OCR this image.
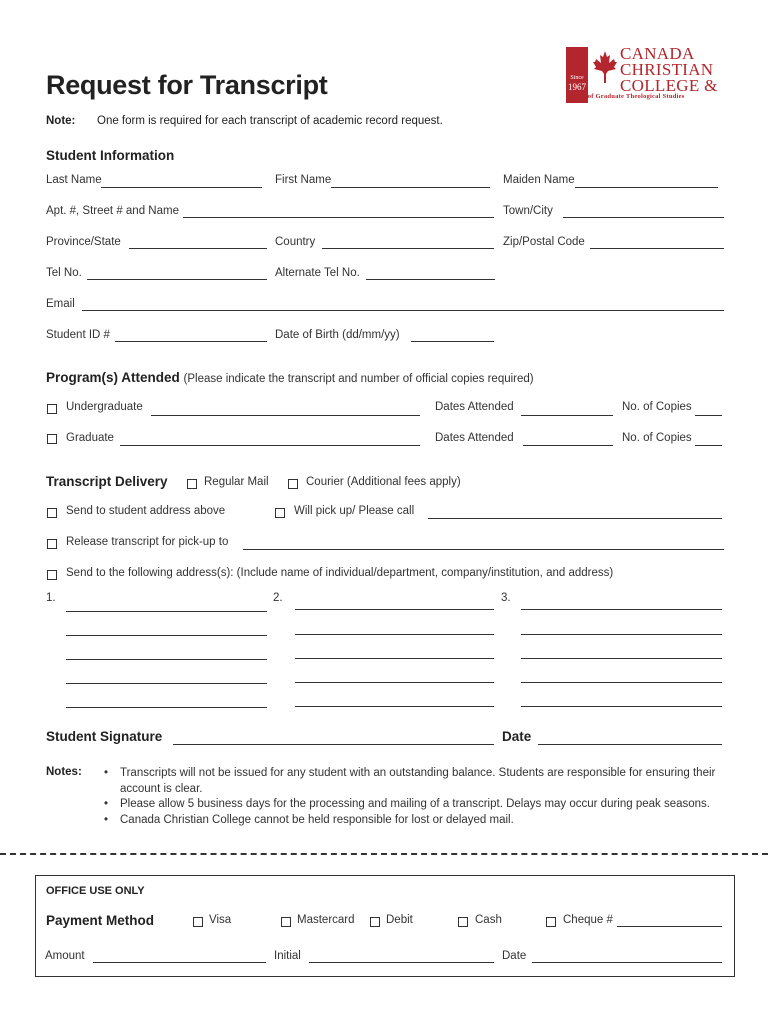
Since
1967
CANADA
CHRISTIAN
COLLEGE &
School of Graduate Theological Studies
Request for Transcript
Note: One form is required for each transcript of academic record request.
Student Information
Last Name	First Name	Maiden Name
Apt. #, Street # and Name	Town/City
Province/State	Country	Zip/Postal Code
Tel No.	Alternate Tel No.
Email
Student ID #	Date of Birth (dd/mm/yy)
Program(s) Attended (Please indicate the transcript and number of official copies required)
Undergraduate	Dates Attended	No. of Copies
Graduate	Dates Attended	No. of Copies
Transcript Delivery	Regular Mail	Courier (Additional fees apply)
Send to student address above	Will pick up/ Please call
Release transcript for pick-up to
Send to the following address(s): (Include name of individual/department, company/institution, and address)
1.	2.	3.
Student Signature	Date
Notes:	• Transcripts will not be issued for any student with an outstanding balance. Students are responsible for ensuring their account is clear.
• Please allow 5 business days for the processing and mailing of a transcript. Delays may occur during peak seasons.
• Canada Christian College cannot be held responsible for lost or delayed mail.
OFFICE USE ONLY
Payment Method	Visa	Mastercard	Debit	Cash	Cheque #
Amount	Initial	Date
